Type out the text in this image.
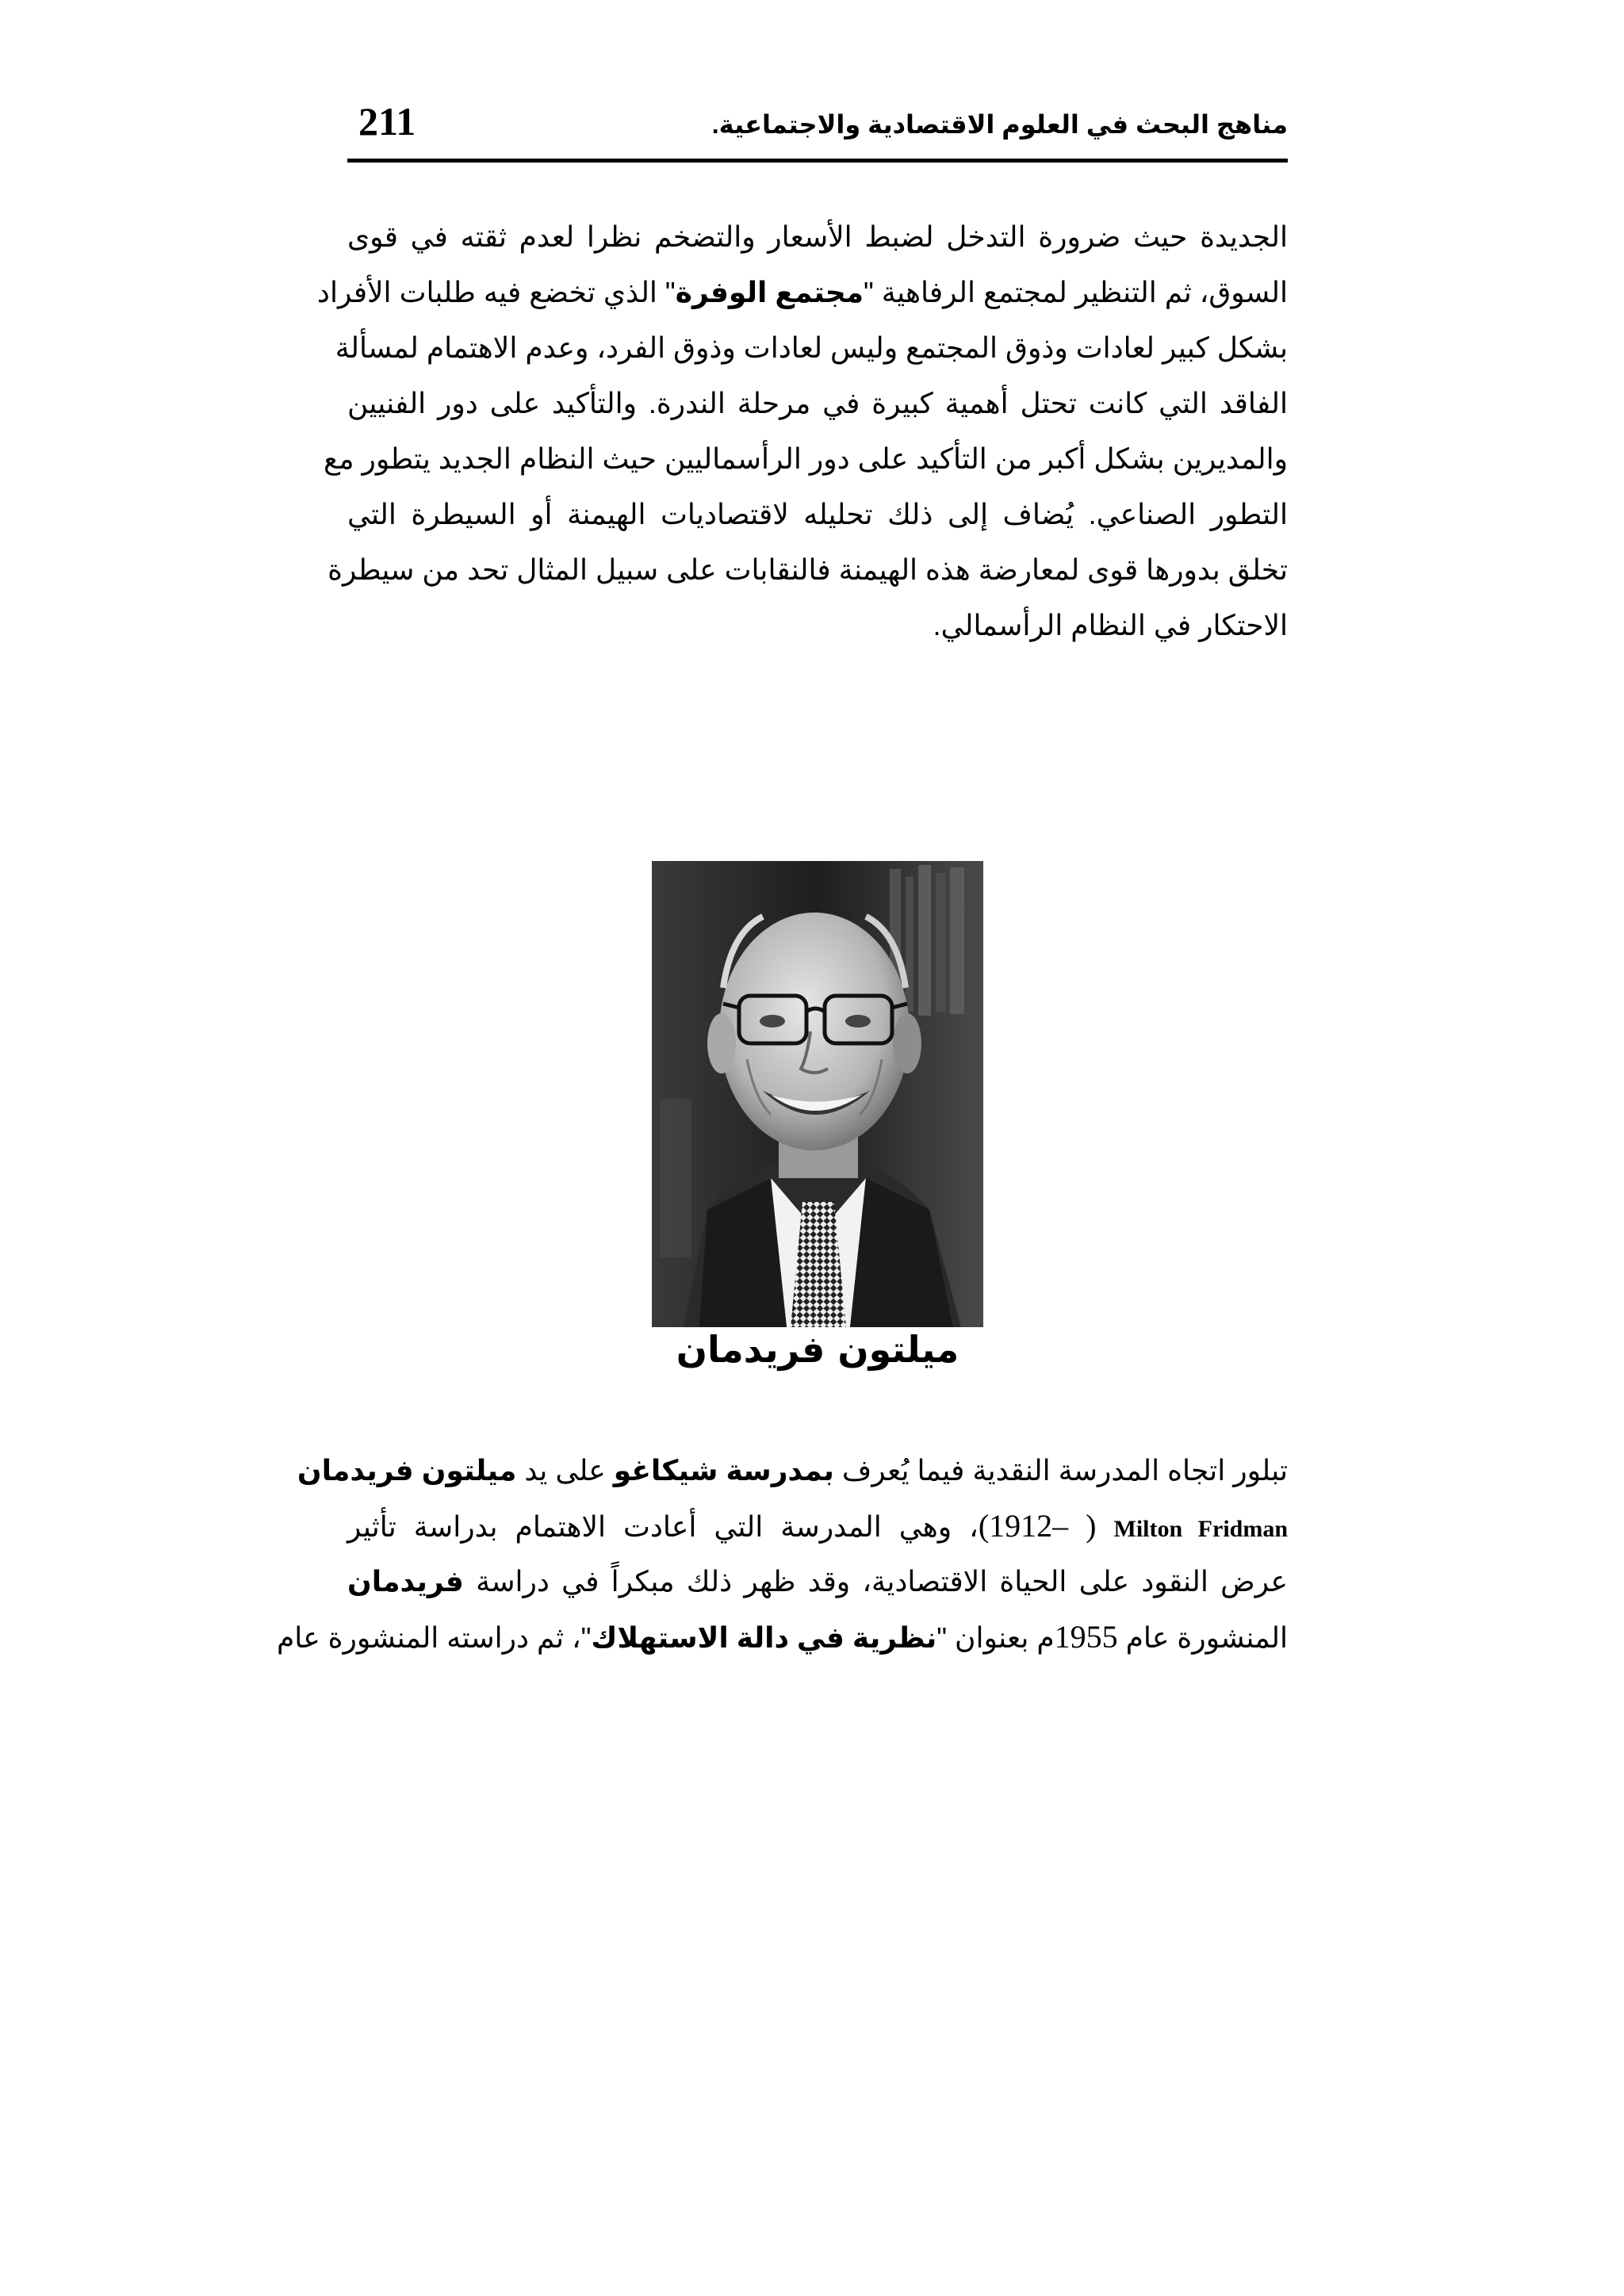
مناهج البحث في العلوم الاقتصادية والاجتماعية.
211
الجديدة حيث ضرورة التدخل لضبط الأسعار والتضخم نظرا لعدم ثقته في قوى
السوق، ثم التنظير لمجتمع الرفاهية "مجتمع الوفرة" الذي تخضع فيه طلبات الأفراد
بشكل كبير لعادات وذوق المجتمع وليس لعادات وذوق الفرد، وعدم الاهتمام لمسألة
الفاقد التي كانت تحتل أهمية كبيرة في مرحلة الندرة. والتأكيد على دور الفنيين
والمديرين بشكل أكبر من التأكيد على دور الرأسماليين حيث النظام الجديد يتطور مع
التطور الصناعي. يُضاف إلى ذلك تحليله لاقتصاديات الهيمنة أو السيطرة التي
تخلق بدورها قوى لمعارضة هذه الهيمنة فالنقابات على سبيل المثال تحد من سيطرة
الاحتكار في النظام الرأسمالي.
ميلتون فريدمان
تبلور اتجاه المدرسة النقدية فيما يُعرف بمدرسة شيكاغو على يد ميلتون فريدمان
Milton Fridman (1912– )، وهي المدرسة التي أعادت الاهتمام بدراسة تأثير
عرض النقود على الحياة الاقتصادية، وقد ظهر ذلك مبكراً في دراسة فريدمان
المنشورة عام 1955م بعنوان "نظرية في دالة الاستهلاك"، ثم دراسته المنشورة عام
